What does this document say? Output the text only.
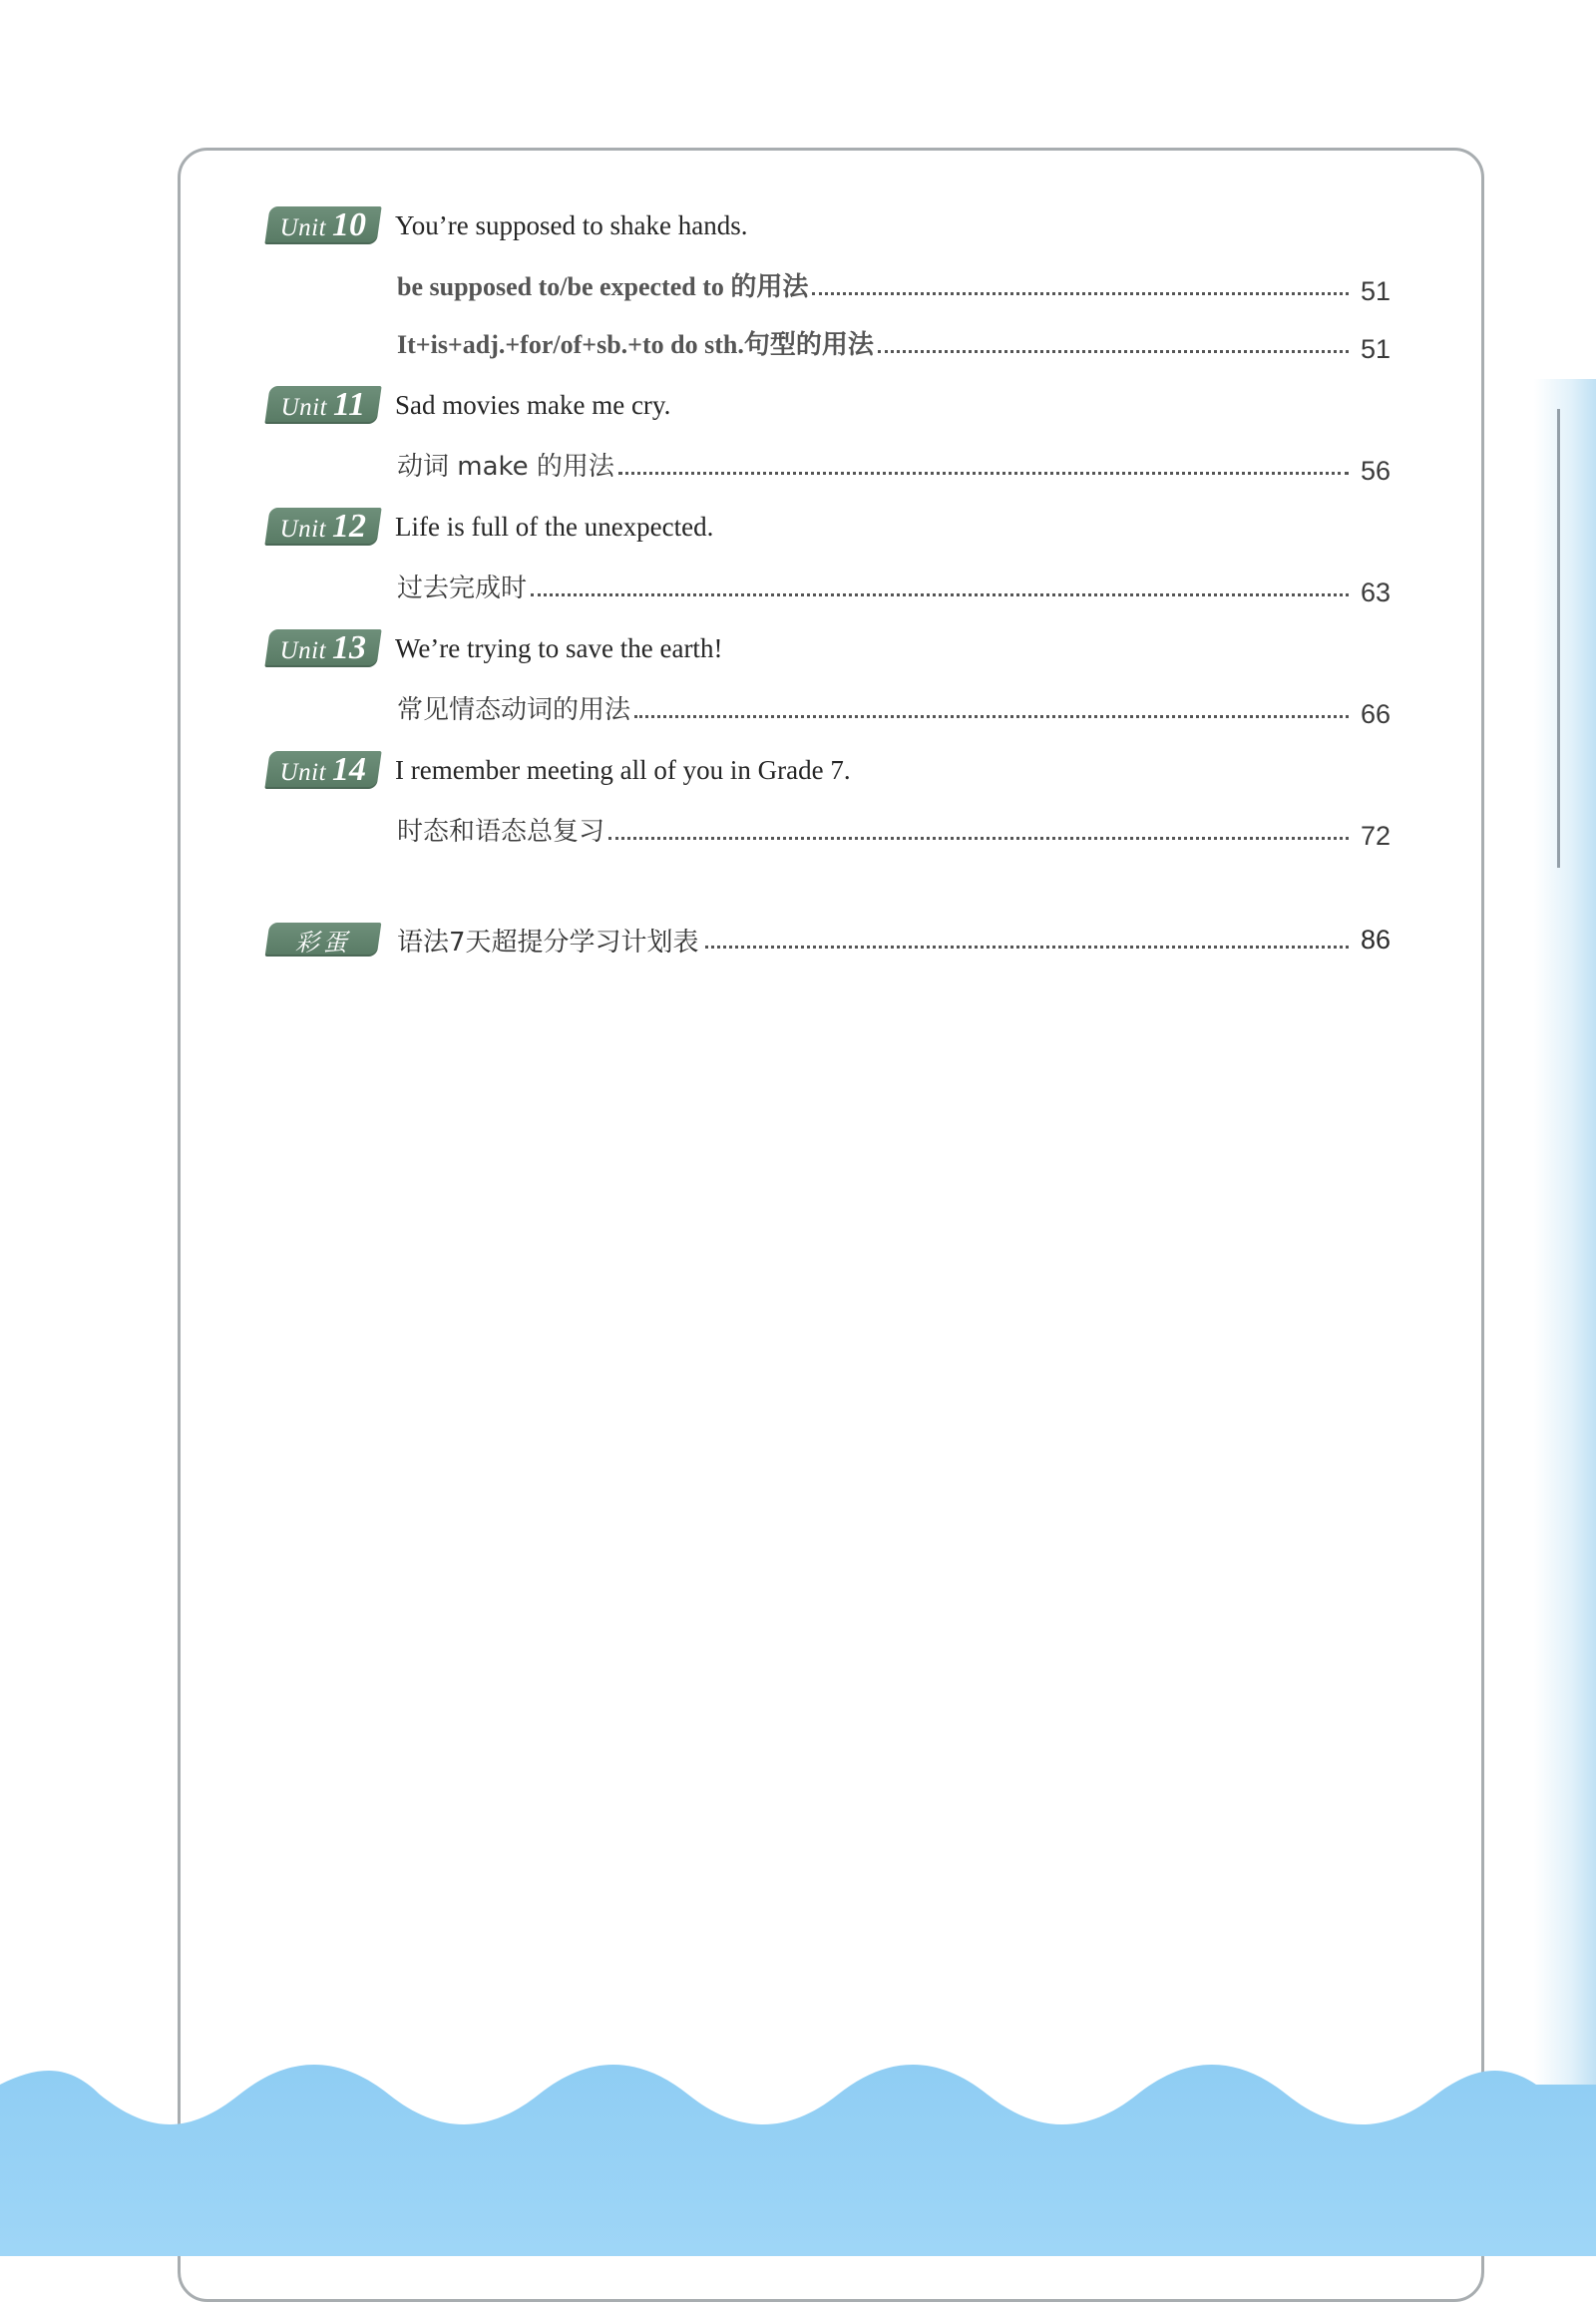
Unit 10 You’re supposed to shake hands.
be supposed to/be expected to 的用法	51
It+is+adj.+for/of+sb.+to do sth.句型的用法	51
Unit 11 Sad movies make me cry.
动词 make 的用法	56
Unit 12 Life is full of the unexpected.
过去完成时	63
Unit 13 We’re trying to save the earth!
常见情态动词的用法	66
Unit 14 I remember meeting all of you in Grade 7.
时态和语态总复习	72
彩蛋 语法7天超提分学习计划表	86
